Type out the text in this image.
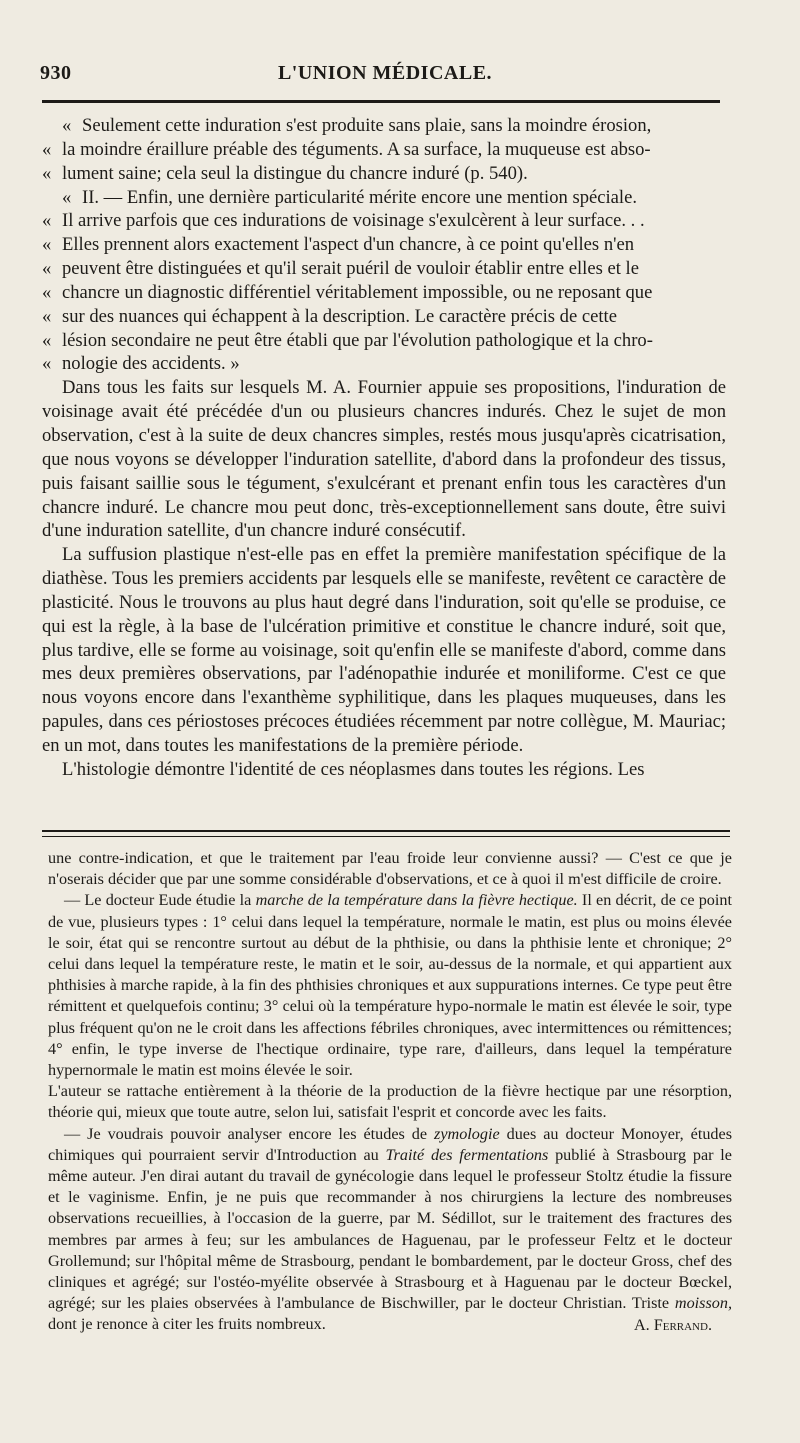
930	L'UNION MÉDICALE.
« Seulement cette induration s'est produite sans plaie, sans la moindre érosion,
« la moindre éraillure préable des téguments. A sa surface, la muqueuse est abso-
« lument saine; cela seul la distingue du chancre induré (p. 540).
« II. — Enfin, une dernière particularité mérite encore une mention spéciale.
« Il arrive parfois que ces indurations de voisinage s'exulcèrent à leur surface. . .
« Elles prennent alors exactement l'aspect d'un chancre, à ce point qu'elles n'en
« peuvent être distinguées et qu'il serait puéril de vouloir établir entre elles et le
« chancre un diagnostic différentiel véritablement impossible, ou ne reposant que
« sur des nuances qui échappent à la description. Le caractère précis de cette
« lésion secondaire ne peut être établi que par l'évolution pathologique et la chro-
« nologie des accidents. »

Dans tous les faits sur lesquels M. A. Fournier appuie ses propositions, l'induration de voisinage avait été précédée d'un ou plusieurs chancres indurés. Chez le sujet de mon observation, c'est à la suite de deux chancres simples, restés mous jusqu'après cicatrisation, que nous voyons se développer l'induration satellite, d'abord dans la profondeur des tissus, puis faisant saillie sous le tégument, s'exulcérant et prenant enfin tous les caractères d'un chancre induré. Le chancre mou peut donc, très-exceptionnellement sans doute, être suivi d'une induration satellite, d'un chancre induré consécutif.

La suffusion plastique n'est-elle pas en effet la première manifestation spécifique de la diathèse. Tous les premiers accidents par lesquels elle se manifeste, revêtent ce caractère de plasticité. Nous le trouvons au plus haut degré dans l'induration, soit qu'elle se produise, ce qui est la règle, à la base de l'ulcération primitive et constitue le chancre induré, soit que, plus tardive, elle se forme au voisinage, soit qu'enfin elle se manifeste d'abord, comme dans mes deux premières observations, par l'adénopathie indurée et moniliforme. C'est ce que nous voyons encore dans l'exanthème syphilitique, dans les plaques muqueuses, dans les papules, dans ces périostoses précoces étudiées récemment par notre collègue, M. Mauriac; en un mot, dans toutes les manifestations de la première période.

L'histologie démontre l'identité de ces néoplasmes dans toutes les régions. Les

une contre-indication, et que le traitement par l'eau froide leur convienne aussi? — C'est ce que je n'oserais décider que par une somme considérable d'observations, et ce à quoi il m'est difficile de croire.

— Le docteur Eude étudie la marche de la température dans la fièvre hectique. Il en décrit, de ce point de vue, plusieurs types : 1° celui dans lequel la température, normale le matin, est plus ou moins élevée le soir, état qui se rencontre surtout au début de la phthisie, ou dans la phthisie lente et chronique; 2° celui dans lequel la température reste, le matin et le soir, au-dessus de la normale, et qui appartient aux phthisies à marche rapide, à la fin des phthisies chroniques et aux suppurations internes. Ce type peut être rémittent et quelquefois continu; 3° celui où la température hypo-normale le matin est élevée le soir, type plus fréquent qu'on ne le croit dans les affections fébriles chroniques, avec intermittences ou rémittences; 4° enfin, le type inverse de l'hectique ordinaire, type rare, d'ailleurs, dans lequel la température hypernormale le matin est moins élevée le soir.

L'auteur se rattache entièrement à la théorie de la production de la fièvre hectique par une résorption, théorie qui, mieux que toute autre, selon lui, satisfait l'esprit et concorde avec les faits.

— Je voudrais pouvoir analyser encore les études de zymologie dues au docteur Monoyer, études chimiques qui pourraient servir d'Introduction au Traité des fermentations publié à Strasbourg par le même auteur. J'en dirai autant du travail de gynécologie dans lequel le professeur Stoltz étudie la fissure et le vaginisme. Enfin, je ne puis que recommander à nos chirurgiens la lecture des nombreuses observations recueillies, à l'occasion de la guerre, par M. Sédillot, sur le traitement des fractures des membres par armes à feu; sur les ambulances de Haguenau, par le professeur Feltz et le docteur Grollemund; sur l'hôpital même de Strasbourg, pendant le bombardement, par le docteur Gross, chef des cliniques et agrégé; sur l'ostéo-myélite observée à Strasbourg et à Haguenau par le docteur Bœckel, agrégé; sur les plaies observées à l'ambulance de Bischwiller, par le docteur Christian. Triste moisson, dont je renonce à citer les fruits nombreux.	A. Ferrand.
